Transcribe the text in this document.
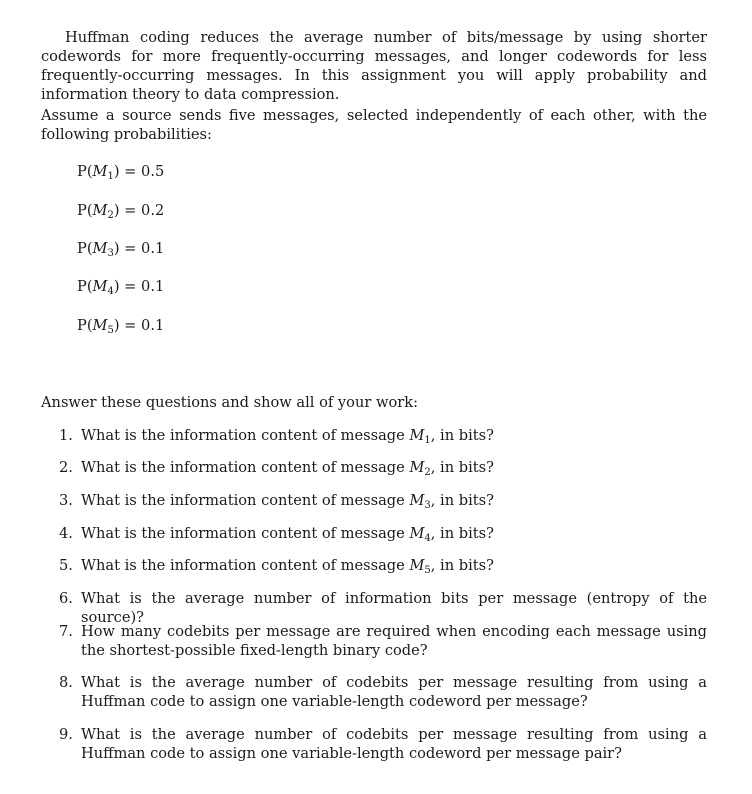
Huffman coding reduces the average number of bits/message by using shorter codewords for more frequently-occurring messages, and longer codewords for less frequently-occurring messages. In this assignment you will apply probability and information theory to data compression.

Assume a source sends five messages, selected independently of each other, with the following probabilities:

$P(M_1) = 0.5$
$P(M_2) = 0.2$
$P(M_3) = 0.1$
$P(M_4) = 0.1$
$P(M_5) = 0.1$
Answer these questions and show all of your work:
1. What is the information content of message $M_1$, in bits?
2. What is the information content of message $M_2$, in bits?
3. What is the information content of message $M_3$, in bits?
4. What is the information content of message $M_4$, in bits?
5. What is the information content of message $M_5$, in bits?
6. What is the average number of information bits per message (entropy of the source)?
7. How many codebits per message are required when encoding each message using the shortest-possible fixed-length binary code?
8. What is the average number of codebits per message resulting from using a Huffman code to assign one variable-length codeword per message?
9. What is the average number of codebits per message resulting from using a Huffman code to assign one variable-length codeword per message pair?
